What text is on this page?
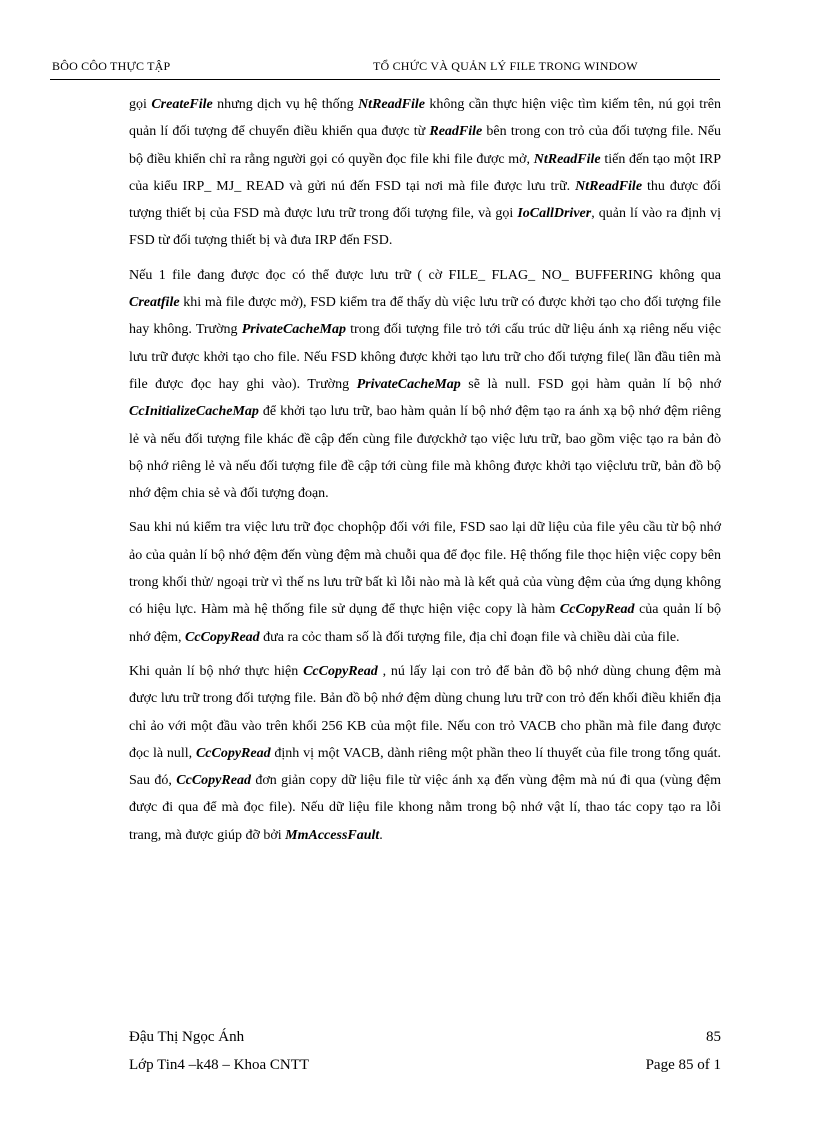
BÔO CÔO THỰC TẬP	TỔ CHỨC VÀ QUẢN LÝ FILE TRONG WINDOW

gọi CreateFile nhưng dịch vụ hệ thống NtReadFile không cần thực hiện việc tìm kiếm tên, nú gọi trên quản lí đối tượng để chuyển điều khiển qua được từ ReadFile bên trong con trỏ của đối tượng file. Nếu bộ điều khiển chỉ ra rằng người gọi có quyền đọc file khi file được mở, NtReadFile tiến đến tạo một IRP của kiểu IRP_ MJ_ READ và gửi nú đến FSD tại nơi mà file được lưu trữ. NtReadFile thu được đối tượng thiết bị của FSD mà được lưu trữ trong đối tượng file, và gọi IoCallDriver, quản lí vào ra định vị FSD từ đối tượng thiết bị và đưa IRP đến FSD.

Nếu 1 file đang được đọc có thể được lưu trữ ( cờ FILE_ FLAG_ NO_ BUFFERING không qua Creatfile khi mà file được mở), FSD kiểm tra để thấy dù việc lưu trữ có được khởi tạo cho đối tượng file hay không. Trường PrivateCacheMap trong đối tượng file trỏ tới cấu trúc dữ liệu ánh xạ riêng nếu việc lưu trữ được khởi tạo cho file. Nếu FSD không được khởi tạo lưu trữ cho đối tượng file( lần đầu tiên mà file được đọc hay ghi vào). Trường PrivateCacheMap sẽ là null. FSD gọi hàm quản lí bộ nhớ CcInitializeCacheMap để khởi tạo lưu trữ, bao hàm quản lí bộ nhớ đệm tạo ra ánh xạ bộ nhớ đệm riêng lẻ và nếu đối tượng file khác đề cập đến cùng file đượckhở tạo việc lưu trữ, bao gồm việc tạo ra bản đò bộ nhớ riêng lẻ và nếu đối tượng file đề cập tới cùng file mà không được khởi tạo việclưu trữ, bản đồ bộ nhớ đệm chia sẻ và đối tượng đoạn.

Sau khi nú kiểm tra việc lưu trữ đọc chophộp đối với file, FSD sao lại dữ liệu của file yêu cầu từ bộ nhớ ảo của quản lí bộ nhớ đệm đến vùng đệm mà chuỗi qua để đọc file. Hệ thống file thọc hiện việc copy bên trong khối thử/ ngoại trừ vì thế ns lưu trữ bất kì lỗi nào mà là kết quả của vùng đệm của ứng dụng không có hiệu lực. Hàm mà hệ thống file sử dụng để thực hiện việc copy là hàm CcCopyRead của quản lí bộ nhớ đệm, CcCopyRead đưa ra cỏc tham số là đối tượng file, địa chỉ đoạn file và chiều dài của file.

Khi quản lí bộ nhớ thực hiện CcCopyRead , nú lấy lại con trỏ để bản đồ bộ nhớ dùng chung đệm mà được lưu trữ trong đối tượng file. Bản đồ bộ nhớ đệm dùng chung lưu trữ con trỏ đến khối điều khiển địa chỉ ảo với một đầu vào trên khối 256 KB của một file. Nếu con trỏ VACB cho phần mà file đang được đọc là null, CcCopyRead định vị một VACB, dành riêng một phần theo lí thuyết của file trong tổng quát. Sau đó, CcCopyRead đơn giản copy dữ liệu file từ việc ánh xạ đến vùng đệm mà nú đi qua (vùng đệm được đi qua để mà đọc file). Nếu dữ liệu file khong nằm trong bộ nhớ vật lí, thao tác copy tạo ra lỗi trang, mà được giúp đỡ bởi MmAccessFault.

Đậu Thị Ngọc Ánh	85
Lớp Tin4 –k48 – Khoa CNTT	Page 85 of 1
